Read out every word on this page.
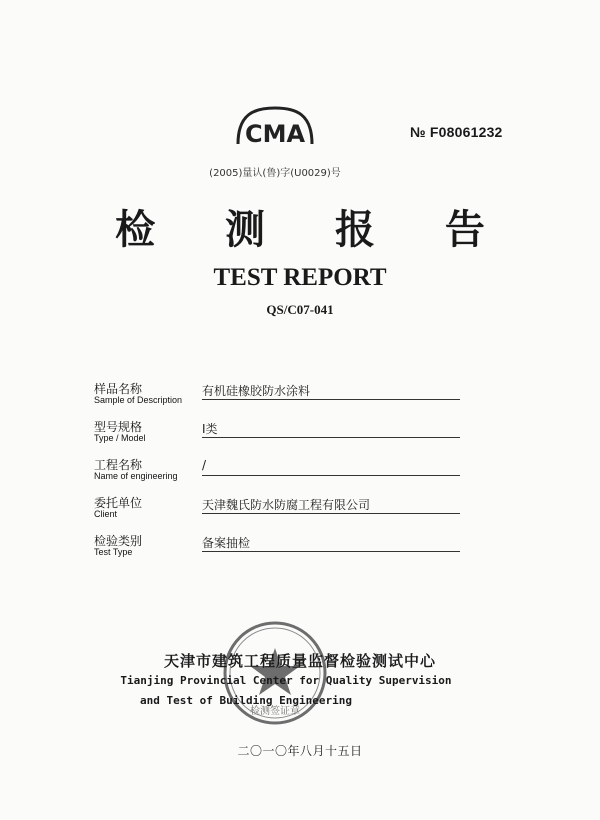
CMA	№ F08061232
(2005)量认(鲁)字(U0029)号
检 测 报 告
TEST REPORT
QS/C07-041
样品名称
Sample of Description
有机硅橡胶防水涂料
型号规格
Type / Model
I类
工程名称
Name of engineering
/
委托单位
Client
天津魏氏防水防腐工程有限公司
检验类别
Test Type
备案抽检
检测签证章
天津市建筑工程质量监督检验测试中心
Tianjing Provincial Center for Quality Supervision
and Test of Building Engineering
二〇一〇年八月十五日
